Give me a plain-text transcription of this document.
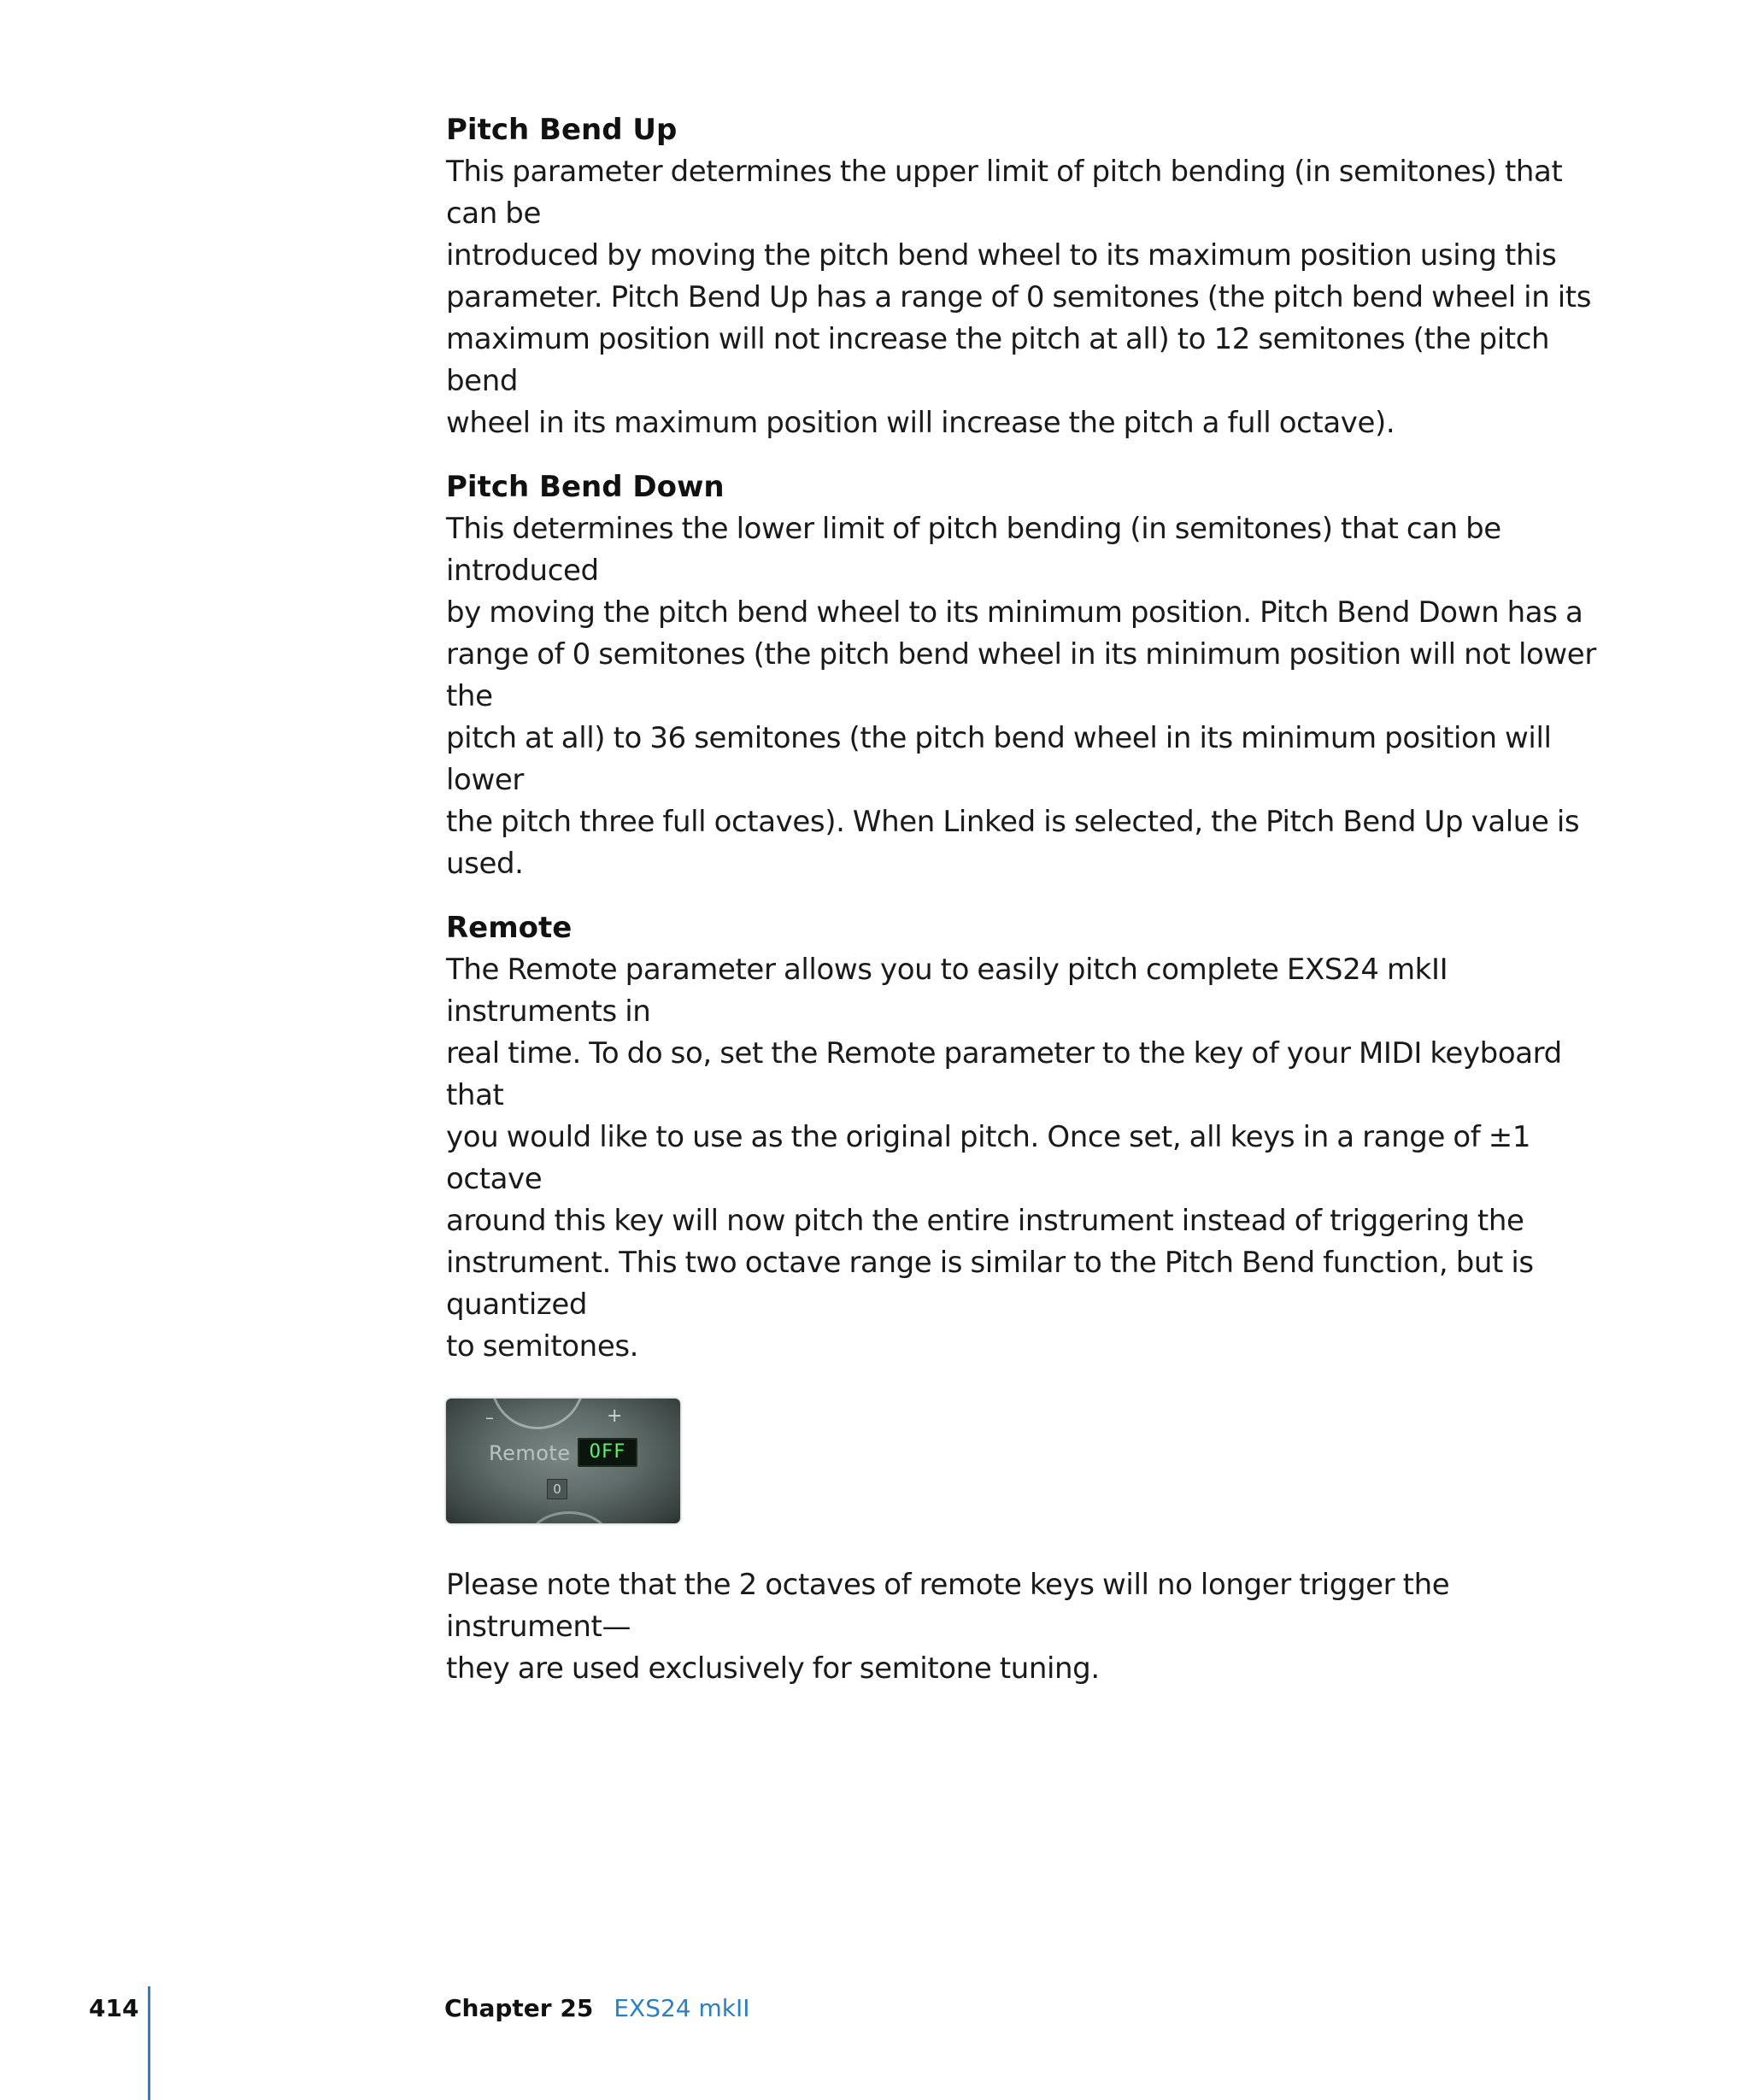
Pitch Bend Up

This parameter determines the upper limit of pitch bending (in semitones) that can be
introduced by moving the pitch bend wheel to its maximum position using this
parameter. Pitch Bend Up has a range of 0 semitones (the pitch bend wheel in its
maximum position will not increase the pitch at all) to 12 semitones (the pitch bend
wheel in its maximum position will increase the pitch a full octave).

Pitch Bend Down

This determines the lower limit of pitch bending (in semitones) that can be introduced
by moving the pitch bend wheel to its minimum position. Pitch Bend Down has a
range of 0 semitones (the pitch bend wheel in its minimum position will not lower the
pitch at all) to 36 semitones (the pitch bend wheel in its minimum position will lower
the pitch three full octaves). When Linked is selected, the Pitch Bend Up value is used.

Remote

The Remote parameter allows you to easily pitch complete EXS24 mkII instruments in
real time. To do so, set the Remote parameter to the key of your MIDI keyboard that
you would like to use as the original pitch. Once set, all keys in a range of ±1 octave
around this key will now pitch the entire instrument instead of triggering the
instrument. This two octave range is similar to the Pitch Bend function, but is quantized
to semitones.

–	+
Remote	OFF
0

Please note that the 2 octaves of remote keys will no longer trigger the instrument—
they are used exclusively for semitone tuning.

414	Chapter 25 EXS24 mkII
